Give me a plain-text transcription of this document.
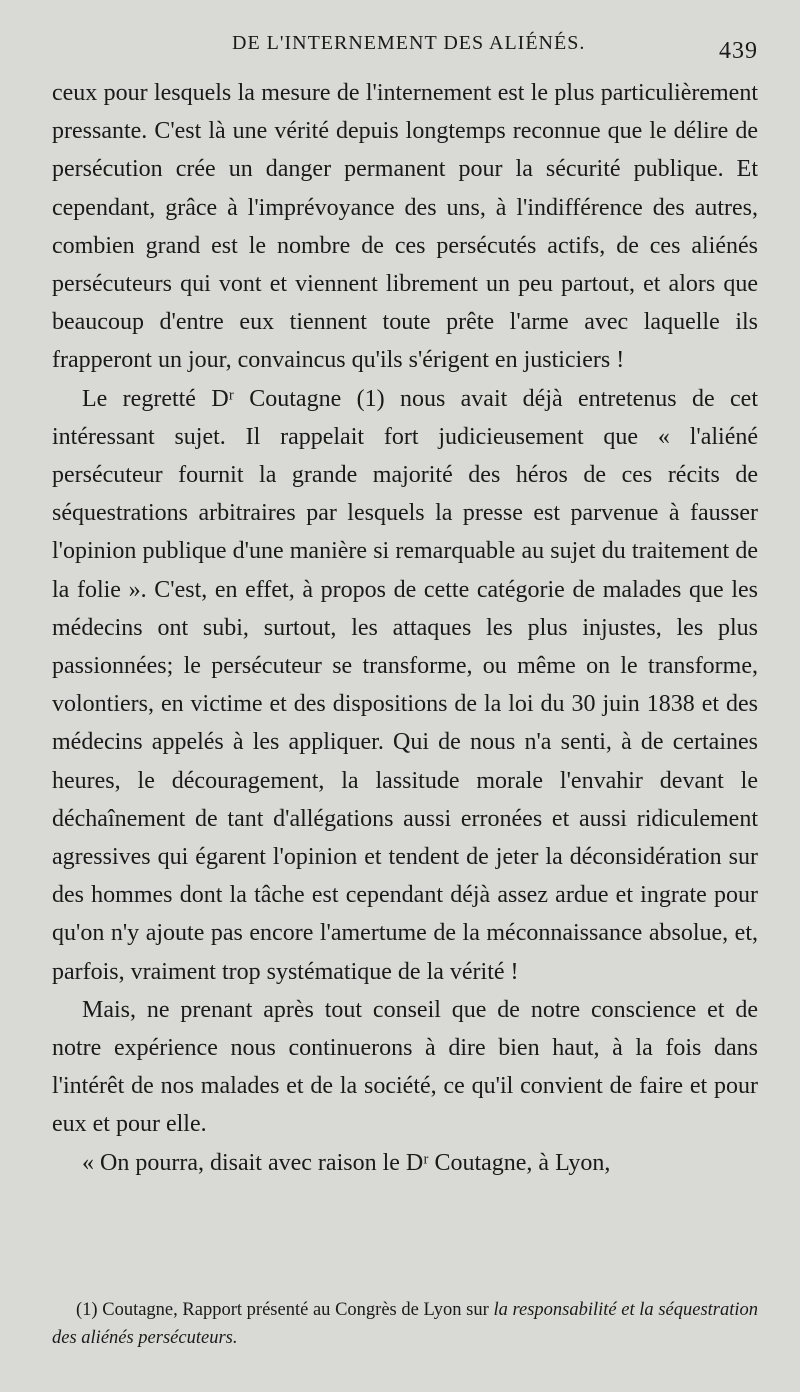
DE L'INTERNEMENT DES ALIÉNÉS.	439

ceux pour lesquels la mesure de l'internement est le plus particulièrement pressante. C'est là une vérité depuis longtemps reconnue que le délire de persécution crée un danger permanent pour la sécurité publique. Et cependant, grâce à l'imprévoyance des uns, à l'indifférence des autres, combien grand est le nombre de ces persécutés actifs, de ces aliénés persécuteurs qui vont et viennent librement un peu partout, et alors que beaucoup d'entre eux tiennent toute prête l'arme avec laquelle ils frapperont un jour, convaincus qu'ils s'érigent en justiciers !

Le regretté Dʳ Coutagne (1) nous avait déjà entretenus de cet intéressant sujet. Il rappelait fort judicieusement que « l'aliéné persécuteur fournit la grande majorité des héros de ces récits de séquestrations arbitraires par lesquels la presse est parvenue à fausser l'opinion publique d'une manière si remarquable au sujet du traitement de la folie ». C'est, en effet, à propos de cette catégorie de malades que les médecins ont subi, surtout, les attaques les plus injustes, les plus passionnées; le persécuteur se transforme, ou même on le transforme, volontiers, en victime et des dispositions de la loi du 30 juin 1838 et des médecins appelés à les appliquer. Qui de nous n'a senti, à de certaines heures, le découragement, la lassitude morale l'envahir devant le déchaînement de tant d'allégations aussi erronées et aussi ridiculement agressives qui égarent l'opinion et tendent de jeter la déconsidération sur des hommes dont la tâche est cependant déjà assez ardue et ingrate pour qu'on n'y ajoute pas encore l'amertume de la méconnaissance absolue, et, parfois, vraiment trop systématique de la vérité !

Mais, ne prenant après tout conseil que de notre conscience et de notre expérience nous continuerons à dire bien haut, à la fois dans l'intérêt de nos malades et de la société, ce qu'il convient de faire et pour eux et pour elle.

« On pourra, disait avec raison le Dʳ Coutagne, à Lyon,

(1) Coutagne, Rapport présenté au Congrès de Lyon sur la responsabilité et la séquestration des aliénés persécuteurs.
